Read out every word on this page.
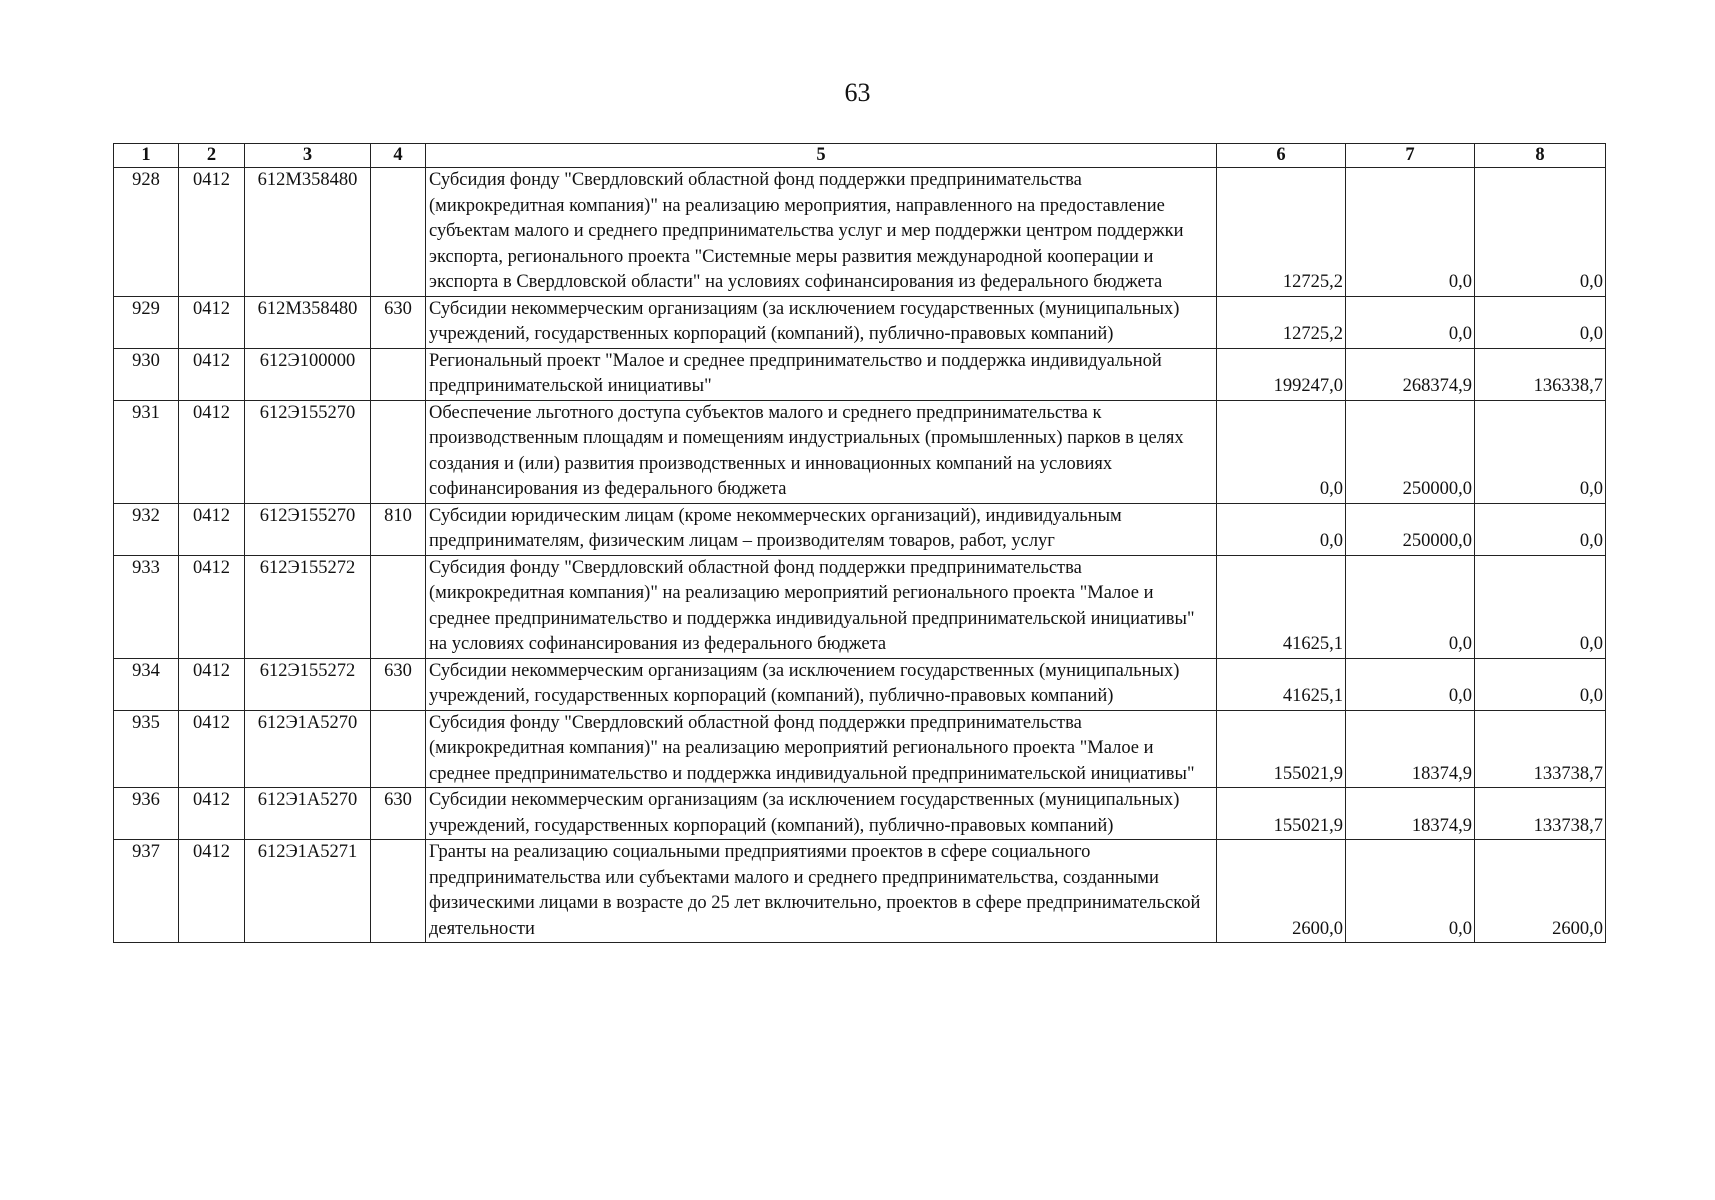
63
1	2	3	4	5	6	7	8
928	0412	612М358480		Субсидия фонду "Свердловский областной фонд поддержки предпринимательства (микрокредитная компания)" на реализацию мероприятия, направленного на предоставление субъектам малого и среднего предпринимательства услуг и мер поддержки центром поддержки экспорта, регионального проекта "Системные меры развития международной кооперации и экспорта в Свердловской области" на условиях софинансирования из федерального бюджета	12725,2	0,0	0,0
929	0412	612М358480	630	Субсидии некоммерческим организациям (за исключением государственных (муниципальных) учреждений, государственных корпораций (компаний), публично-правовых компаний)	12725,2	0,0	0,0
930	0412	612Э100000		Региональный проект "Малое и среднее предпринимательство и поддержка индивидуальной предпринимательской инициативы"	199247,0	268374,9	136338,7
931	0412	612Э155270		Обеспечение льготного доступа субъектов малого и среднего предпринимательства к производственным площадям и помещениям индустриальных (промышленных) парков в целях создания и (или) развития производственных и инновационных компаний на условиях софинансирования из федерального бюджета	0,0	250000,0	0,0
932	0412	612Э155270	810	Субсидии юридическим лицам (кроме некоммерческих организаций), индивидуальным предпринимателям, физическим лицам – производителям товаров, работ, услуг	0,0	250000,0	0,0
933	0412	612Э155272		Субсидия фонду "Свердловский областной фонд поддержки предпринимательства (микрокредитная компания)" на реализацию мероприятий регионального проекта "Малое и среднее предпринимательство и поддержка индивидуальной предпринимательской инициативы" на условиях софинансирования из федерального бюджета	41625,1	0,0	0,0
934	0412	612Э155272	630	Субсидии некоммерческим организациям (за исключением государственных (муниципальных) учреждений, государственных корпораций (компаний), публично-правовых компаний)	41625,1	0,0	0,0
935	0412	612Э1А5270		Субсидия фонду "Свердловский областной фонд поддержки предпринимательства (микрокредитная компания)" на реализацию мероприятий регионального проекта "Малое и среднее предпринимательство и поддержка индивидуальной предпринимательской инициативы"	155021,9	18374,9	133738,7
936	0412	612Э1А5270	630	Субсидии некоммерческим организациям (за исключением государственных (муниципальных) учреждений, государственных корпораций (компаний), публично-правовых компаний)	155021,9	18374,9	133738,7
937	0412	612Э1А5271		Гранты на реализацию социальными предприятиями проектов в сфере социального предпринимательства или субъектами малого и среднего предпринимательства, созданными физическими лицами в возрасте до 25 лет включительно, проектов в сфере предпринимательской деятельности	2600,0	0,0	2600,0
